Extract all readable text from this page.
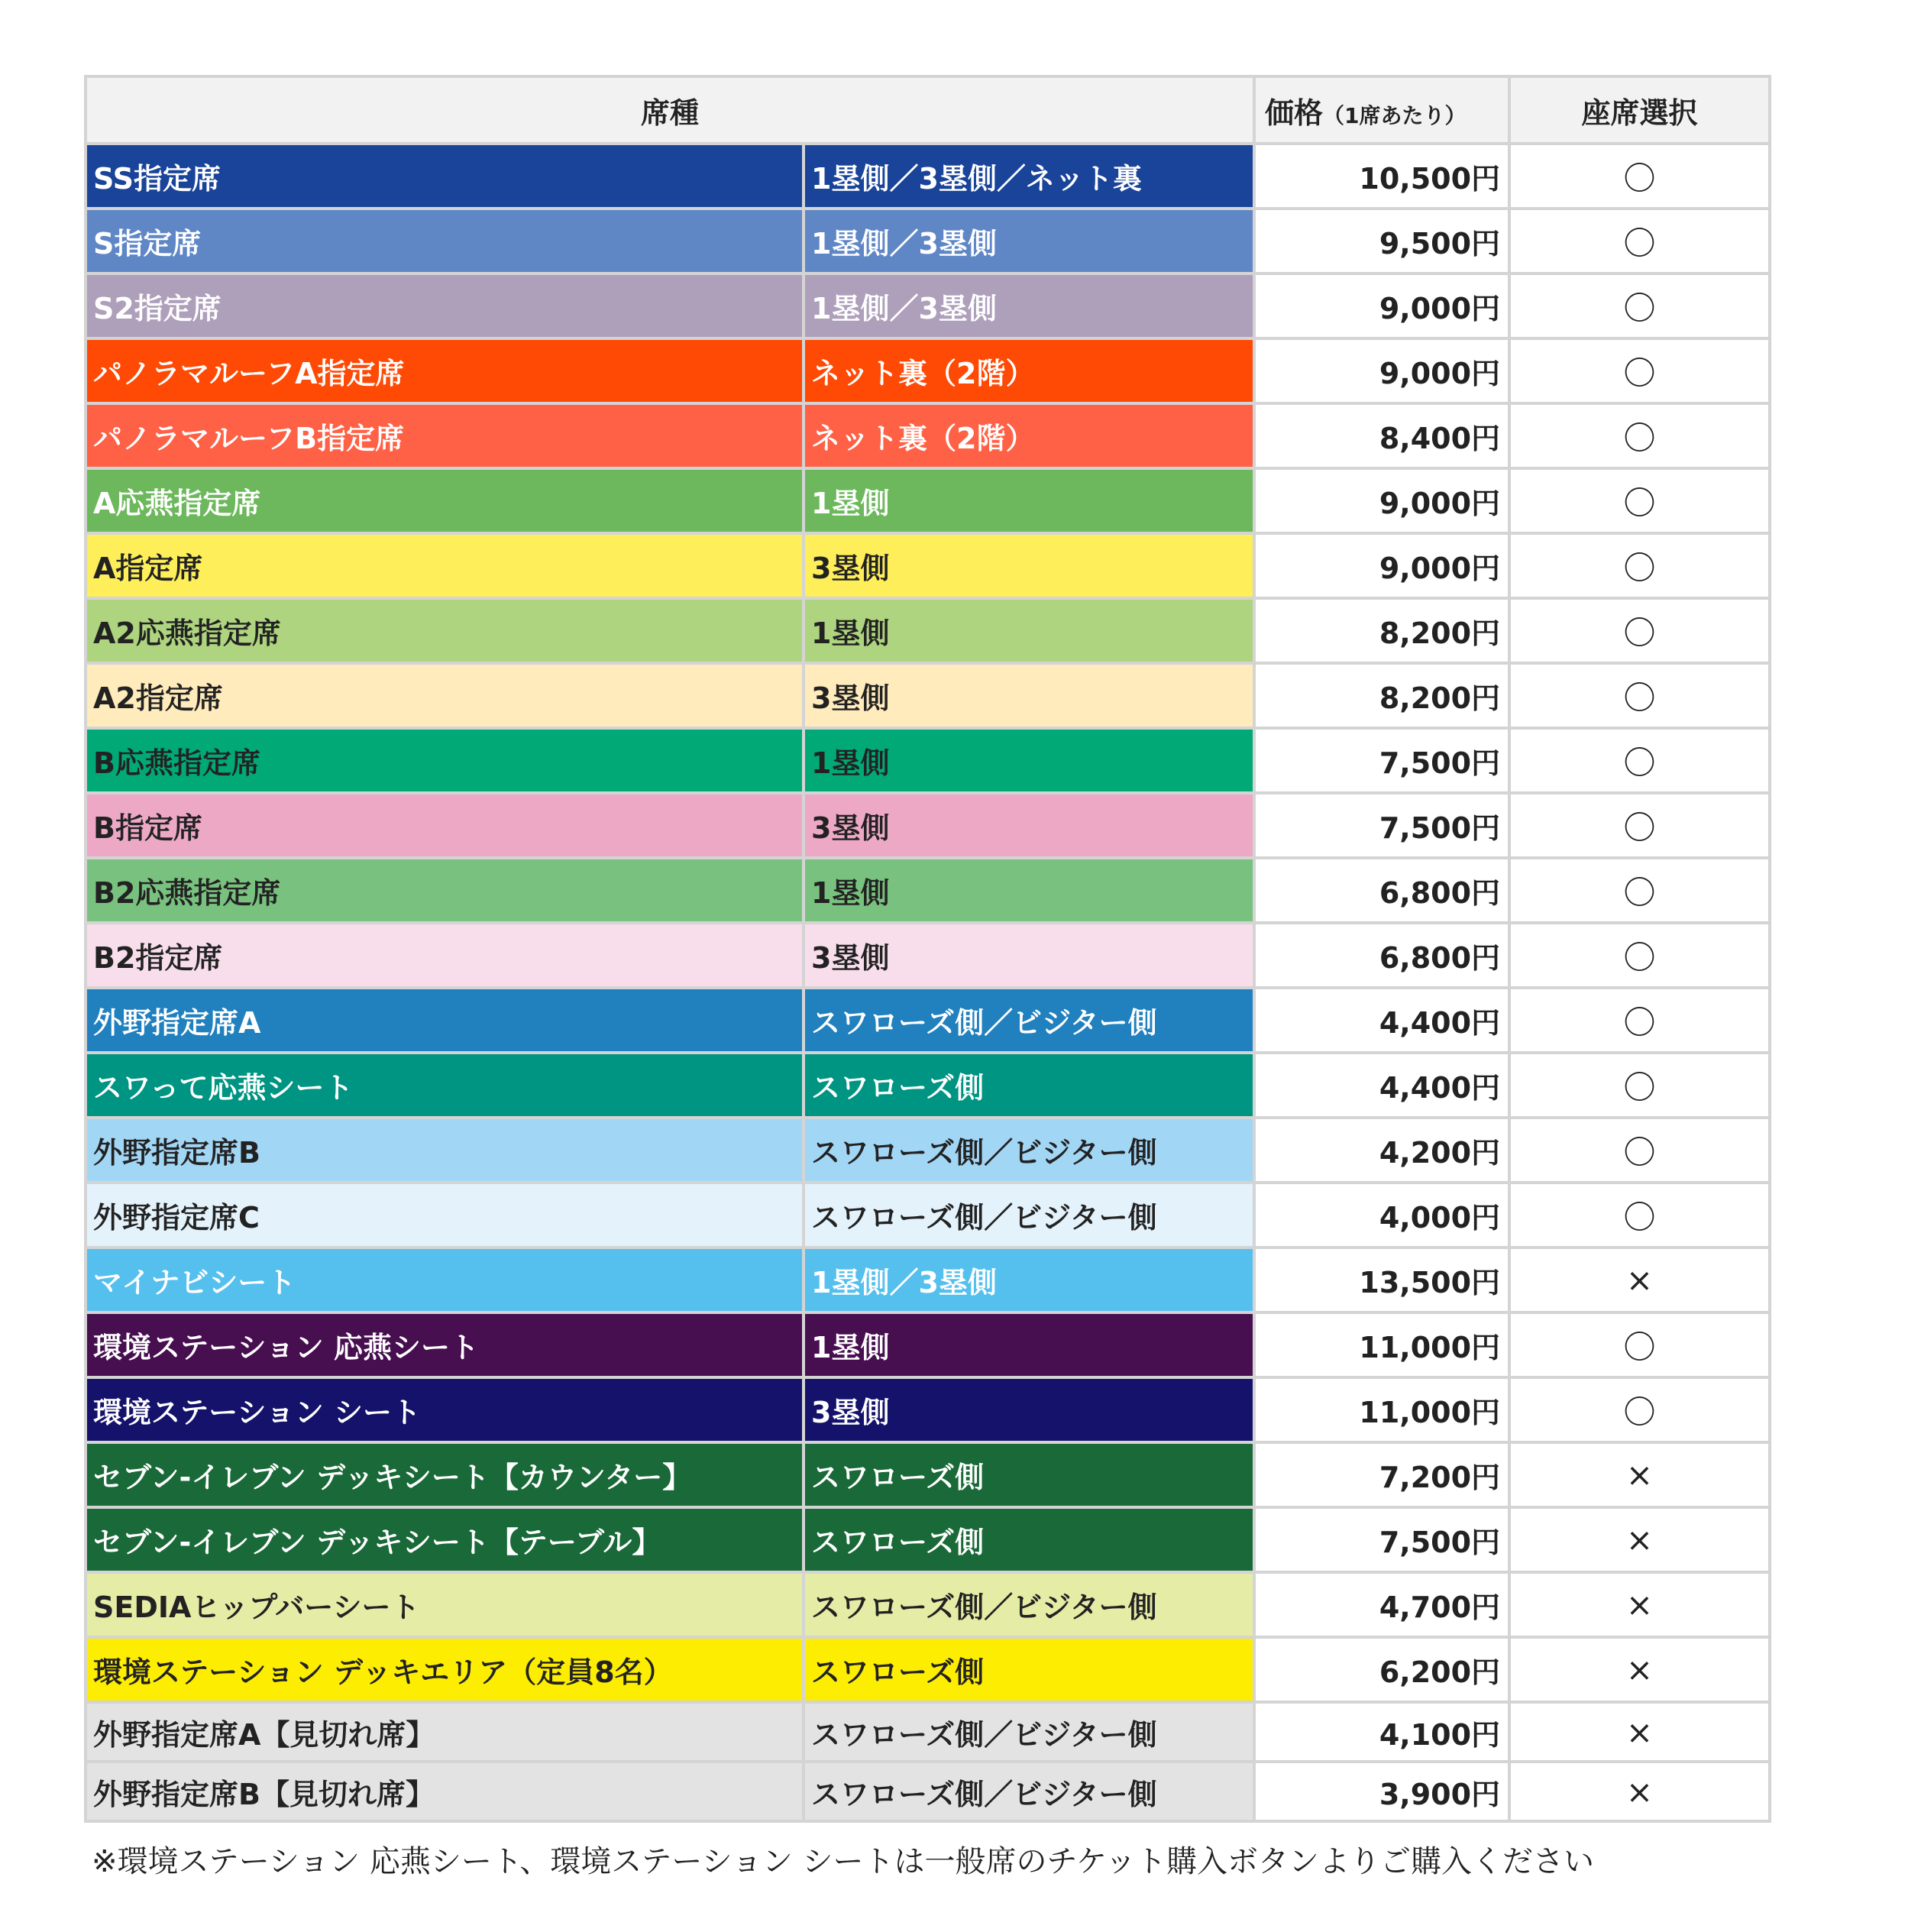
席種		価格（1席あたり）	座席選択
SS指定席	1塁側／3塁側／ネット裏	10,500円	〇
S指定席	1塁側／3塁側	9,500円	〇
S2指定席	1塁側／3塁側	9,000円	〇
パノラマルーフA指定席	ネット裏（2階）	9,000円	〇
パノラマルーフB指定席	ネット裏（2階）	8,400円	〇
A応燕指定席	1塁側	9,000円	〇
A指定席	3塁側	9,000円	〇
A2応燕指定席	1塁側	8,200円	〇
A2指定席	3塁側	8,200円	〇
B応燕指定席	1塁側	7,500円	〇
B指定席	3塁側	7,500円	〇
B2応燕指定席	1塁側	6,800円	〇
B2指定席	3塁側	6,800円	〇
外野指定席A	スワローズ側／ビジター側	4,400円	〇
スワって応燕シート	スワローズ側	4,400円	〇
外野指定席B	スワローズ側／ビジター側	4,200円	〇
外野指定席C	スワローズ側／ビジター側	4,000円	〇
マイナビシート	1塁側／3塁側	13,500円	×
環境ステーション 応燕シート	1塁側	11,000円	〇
環境ステーション シート	3塁側	11,000円	〇
セブン-イレブン デッキシート【カウンター】	スワローズ側	7,200円	×
セブン-イレブン デッキシート【テーブル】	スワローズ側	7,500円	×
SEDIAヒップバーシート	スワローズ側／ビジター側	4,700円	×
環境ステーション デッキエリア（定員8名）	スワローズ側	6,200円	×
外野指定席A【見切れ席】	スワローズ側／ビジター側	4,100円	×
外野指定席B【見切れ席】	スワローズ側／ビジター側	3,900円	×
※環境ステーション 応燕シート、環境ステーション シートは一般席のチケット購入ボタンよりご購入ください
